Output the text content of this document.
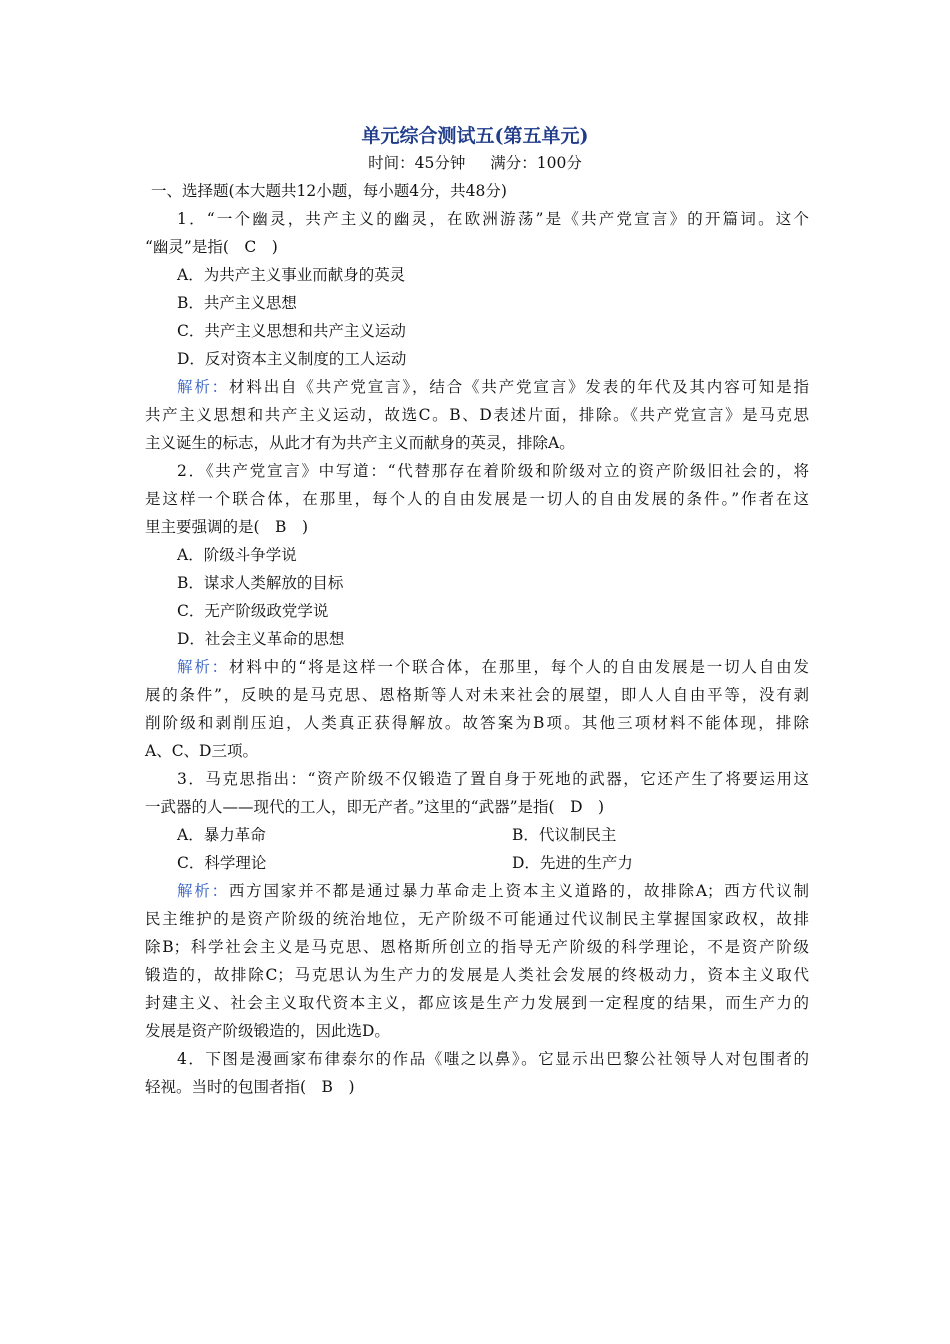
单元综合测试五(第五单元)
时间：45分钟 满分：100分
一、选择题(本大题共12小题，每小题4分，共48分)
1．“一个幽灵，共产主义的幽灵，在欧洲游荡”是《共产党宣言》的开篇词。这个
“幽灵”是指(　C　)
A．为共产主义事业而献身的英灵
B．共产主义思想
C．共产主义思想和共产主义运动
D．反对资本主义制度的工人运动
解析：材料出自《共产党宣言》，结合《共产党宣言》发表的年代及其内容可知是指
共产主义思想和共产主义运动，故选C。B、D表述片面，排除。《共产党宣言》是马克思
主义诞生的标志，从此才有为共产主义而献身的英灵，排除A。
2．《共产党宣言》中写道：“代替那存在着阶级和阶级对立的资产阶级旧社会的，将
是这样一个联合体，在那里，每个人的自由发展是一切人的自由发展的条件。”作者在这
里主要强调的是(　B　)
A．阶级斗争学说
B．谋求人类解放的目标
C．无产阶级政党学说
D．社会主义革命的思想
解析：材料中的“将是这样一个联合体，在那里，每个人的自由发展是一切人自由发
展的条件”，反映的是马克思、恩格斯等人对未来社会的展望，即人人自由平等，没有剥
削阶级和剥削压迫，人类真正获得解放。故答案为B项。其他三项材料不能体现，排除
A、C、D三项。
3．马克思指出：“资产阶级不仅锻造了置自身于死地的武器，它还产生了将要运用这
一武器的人——现代的工人，即无产者。”这里的“武器”是指(　D　)
A．暴力革命	B．代议制民主
C．科学理论	D．先进的生产力
解析：西方国家并不都是通过暴力革命走上资本主义道路的，故排除A；西方代议制
民主维护的是资产阶级的统治地位，无产阶级不可能通过代议制民主掌握国家政权，故排
除B；科学社会主义是马克思、恩格斯所创立的指导无产阶级的科学理论，不是资产阶级
锻造的，故排除C；马克思认为生产力的发展是人类社会发展的终极动力，资本主义取代
封建主义、社会主义取代资本主义，都应该是生产力发展到一定程度的结果，而生产力的
发展是资产阶级锻造的，因此选D。
4．下图是漫画家布律泰尔的作品《嗤之以鼻》。它显示出巴黎公社领导人对包围者的
轻视。当时的包围者指(　B　)
